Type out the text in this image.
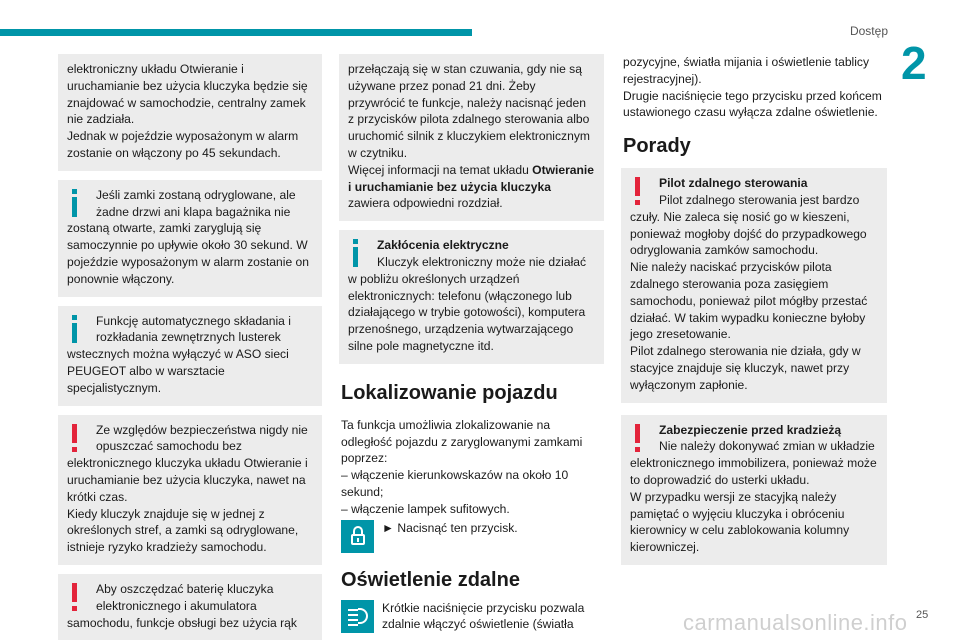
Dostęp
2

elektroniczny układu Otwieranie i uruchamianie bez użycia kluczyka będzie się znajdować w samochodzie, centralny zamek nie zadziała.

Jednak w pojeździe wyposażonym w alarm zostanie on włączony po 45 sekundach.

Jeśli zamki zostaną odryglowane, ale żadne drzwi ani klapa bagażnika nie zostaną otwarte, zamki zaryglują się samoczynnie po upływie około 30 sekund. W pojeździe wyposażonym w alarm zostanie on ponownie włączony.

Funkcję automatycznego składania i rozkładania zewnętrznych lusterek wstecznych można wyłączyć w ASO sieci PEUGEOT albo w warsztacie specjalistycznym.

Ze względów bezpieczeństwa nigdy nie opuszczać samochodu bez elektronicznego kluczyka układu Otwieranie i uruchamianie bez użycia kluczyka, nawet na krótki czas.

Kiedy kluczyk znajduje się w jednej z określonych stref, a zamki są odryglowane, istnieje ryzyko kradzieży samochodu.

Aby oszczędzać baterię kluczyka elektronicznego i akumulatora samochodu, funkcje obsługi bez użycia rąk

przełączają się w stan czuwania, gdy nie są używane przez ponad 21 dni. Żeby przywrócić te funkcje, należy nacisnąć jeden z przycisków pilota zdalnego sterowania albo uruchomić silnik z kluczykiem elektronicznym w czytniku.

Więcej informacji na temat układu Otwieranie i uruchamianie bez użycia kluczyka

zawiera odpowiedni rozdział.

Zakłócenia elektryczne

Kluczyk elektroniczny może nie działać w pobliżu określonych urządzeń elektronicznych: telefonu (włączonego lub działającego w trybie gotowości), komputera przenośnego, urządzenia wytwarzającego silne pole magnetyczne itd.

Lokalizowanie pojazdu

Ta funkcja umożliwia zlokalizowanie na odległość pojazdu z zaryglowanymi zamkami poprzez:

– włączenie kierunkowskazów na około 10 sekund;

– włączenie lampek sufitowych.

► Nacisnąć ten przycisk.
Oświetlenie zdalne
Krótkie naciśnięcie przycisku pozwala zdalnie włączyć oświetlenie (światła

pozycyjne, światła mijania i oświetlenie tablicy rejestracyjnej).

Drugie naciśnięcie tego przycisku przed końcem ustawionego czasu wyłącza zdalne oświetlenie.

Porady

Pilot zdalnego sterowania

Pilot zdalnego sterowania jest bardzo czuły. Nie zaleca się nosić go w kieszeni, ponieważ mogłoby dojść do przypadkowego odryglowania zamków samochodu.

Nie należy naciskać przycisków pilota zdalnego sterowania poza zasięgiem samochodu, ponieważ pilot mógłby przestać działać. W takim wypadku konieczne byłoby jego zresetowanie.

Pilot zdalnego sterowania nie działa, gdy w stacyjce znajduje się kluczyk, nawet przy wyłączonym zapłonie.

Zabezpieczenie przed kradzieżą

Nie należy dokonywać zmian w układzie elektronicznego immobilizera, ponieważ może to doprowadzić do usterki układu.

W przypadku wersji ze stacyjką należy pamiętać o wyjęciu kluczyka i obróceniu kierownicy w celu zablokowania kolumny kierowniczej.

carmanualsonline.info 25
